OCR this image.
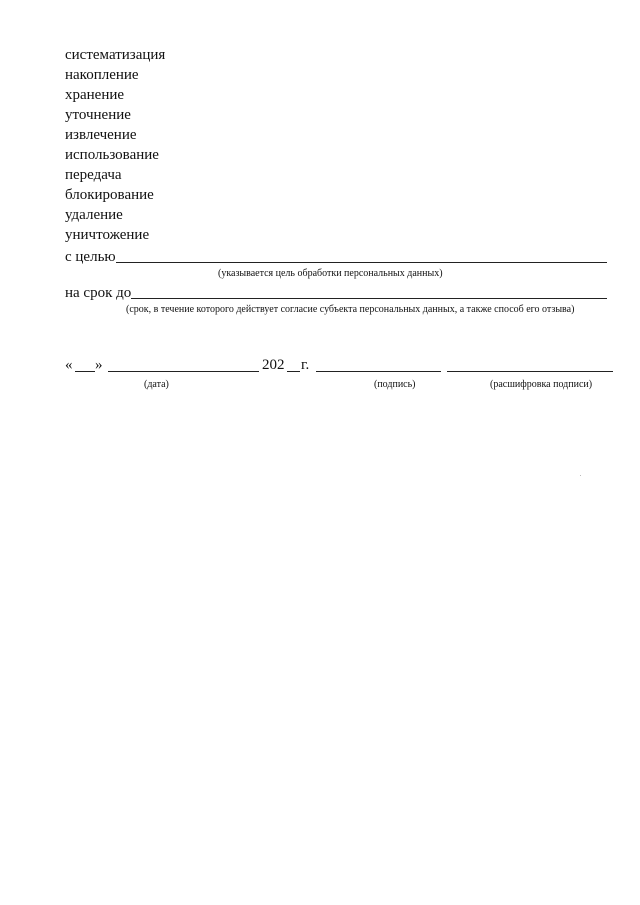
систематизация
накопление
хранение
уточнение
извлечение
использование
передача
блокирование
удаление
уничтожение
с целью
(указывается цель обработки персональных данных)
на срок до
(срок, в течение которого действует согласие субъекта персональных данных, а также способ его отзыва)
« »	202 г.
(дата)	(подпись)	(расшифровка подписи)
